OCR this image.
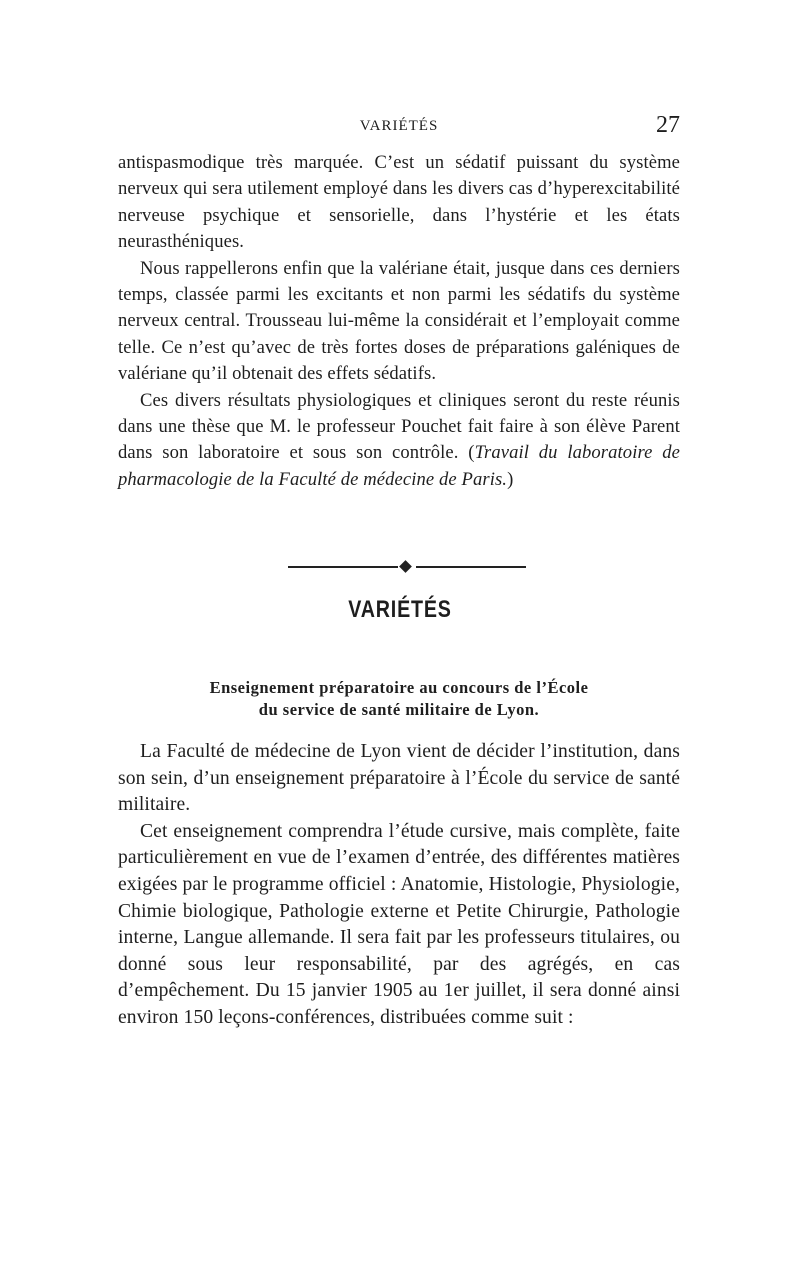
VARIÉTÉS	27

antispasmodique très marquée. C’est un sédatif puissant du système nerveux qui sera utilement employé dans les divers cas d’hyperexcitabilité nerveuse psychique et sensorielle, dans l’hystérie et les états neurasthéniques.

Nous rappellerons enfin que la valériane était, jusque dans ces derniers temps, classée parmi les excitants et non parmi les sédatifs du système nerveux central. Trousseau lui-même la considérait et l’employait comme telle. Ce n’est qu’avec de très fortes doses de préparations galéniques de valériane qu’il obtenait des effets sédatifs.

Ces divers résultats physiologiques et cliniques seront du reste réunis dans une thèse que M. le professeur Pouchet fait faire à son élève Parent dans son laboratoire et sous son contrôle. (Travail du laboratoire de pharmacologie de la Faculté de médecine de Paris.)

VARIÉTÉS
Enseignement préparatoire au concours de l’École
du service de santé militaire de Lyon.

La Faculté de médecine de Lyon vient de décider l’institution, dans son sein, d’un enseignement préparatoire à l’École du service de santé militaire.

Cet enseignement comprendra l’étude cursive, mais complète, faite particulièrement en vue de l’examen d’entrée, des différentes matières exigées par le programme officiel : Anatomie, Histologie, Physiologie, Chimie biologique, Pathologie externe et Petite Chirurgie, Pathologie interne, Langue allemande. Il sera fait par les professeurs titulaires, ou donné sous leur responsabilité, par des agrégés, en cas d’empêchement. Du 15 janvier 1905 au 1er juillet, il sera donné ainsi environ 150 leçons-conférences, distribuées comme suit :
